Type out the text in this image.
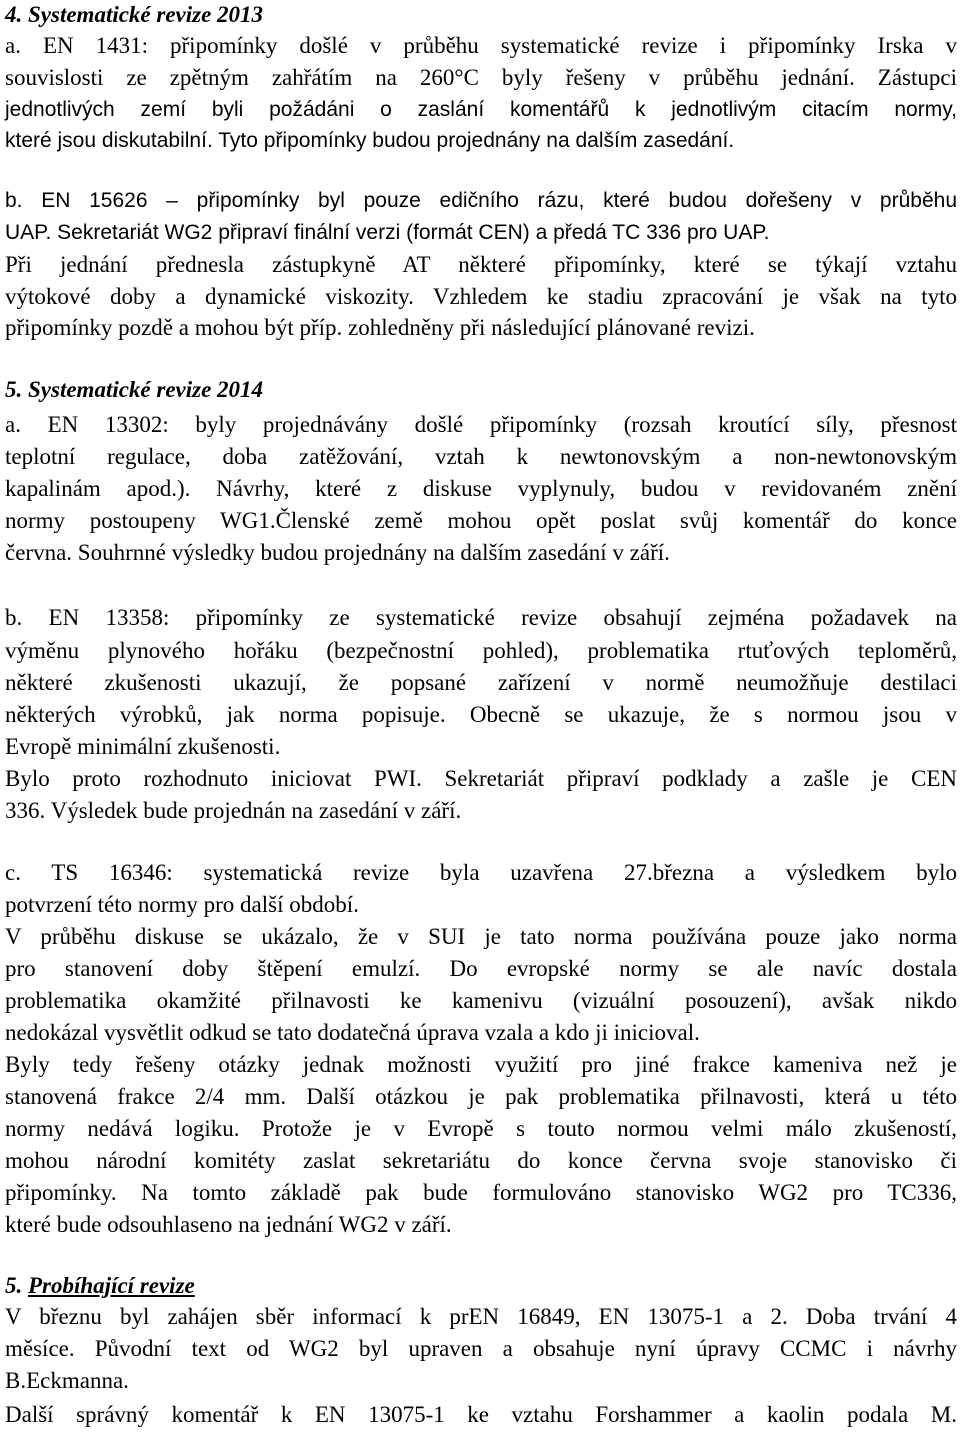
4. Systematické revize 2013
a. EN 1431: připomínky došlé v průběhu systematické revize i připomínky Irska v
souvislosti ze zpětným zahřátím na 260°C byly řešeny v průběhu jednání. Zástupci
jednotlivých zemí byli požádáni o zaslání komentářů k jednotlivým citacím normy,
které jsou diskutabilní. Tyto připomínky budou projednány na dalším zasedání.
b. EN 15626 – připomínky byl pouze edičního rázu, které budou dořešeny v průběhu
UAP. Sekretariát WG2 připraví finální verzi (formát CEN) a předá TC 336 pro UAP.
Při jednání přednesla zástupkyně AT některé připomínky, které se týkají vztahu
výtokové doby a dynamické viskozity. Vzhledem ke stadiu zpracování je však na tyto
připomínky pozdě a mohou být příp. zohledněny při následující plánované revizi.
5. Systematické revize 2014
a. EN 13302: byly projednávány došlé připomínky (rozsah kroutící síly, přesnost
teplotní regulace, doba zatěžování, vztah k newtonovským a non-newtonovským
kapalinám apod.). Návrhy, které z diskuse vyplynuly, budou v revidovaném znění
normy postoupeny WG1.Členské země mohou opět poslat svůj komentář do konce
června. Souhrnné výsledky budou projednány na dalším zasedání v září.
b. EN 13358: připomínky ze systematické revize obsahují zejména požadavek na
výměnu plynového hořáku (bezpečnostní pohled), problematika rtuťových teploměrů,
některé zkušenosti ukazují, že popsané zařízení v normě neumožňuje destilaci
některých výrobků, jak norma popisuje. Obecně se ukazuje, že s normou jsou v
Evropě minimální zkušenosti.
Bylo proto rozhodnuto iniciovat PWI. Sekretariát připraví podklady a zašle je CEN
336. Výsledek bude projednán na zasedání v září.
c. TS 16346: systematická revize byla uzavřena 27.března a výsledkem bylo
potvrzení této normy pro další období.
V průběhu diskuse se ukázalo, že v SUI je tato norma používána pouze jako norma
pro stanovení doby štěpení emulzí. Do evropské normy se ale navíc dostala
problematika okamžité přilnavosti ke kamenivu (vizuální posouzení), avšak nikdo
nedokázal vysvětlit odkud se tato dodatečná úprava vzala a kdo ji inicioval.
Byly tedy řešeny otázky jednak možnosti využití pro jiné frakce kameniva než je
stanovená frakce 2/4 mm. Další otázkou je pak problematika přilnavosti, která u této
normy nedává logiku. Protože je v Evropě s touto normou velmi málo zkušeností,
mohou národní komitéty zaslat sekretariátu do konce června svoje stanovisko či
připomínky. Na tomto základě pak bude formulováno stanovisko WG2 pro TC336,
které bude odsouhlaseno na jednání WG2 v září.
5. Probíhající revize
V březnu byl zahájen sběr informací k prEN 16849, EN 13075-1 a 2. Doba trvání 4
měsíce. Původní text od WG2 byl upraven a obsahuje nyní úpravy CCMC i návrhy
B.Eckmanna.
Další správný komentář k EN 13075-1 ke vztahu Forshammer a kaolin podala M.
